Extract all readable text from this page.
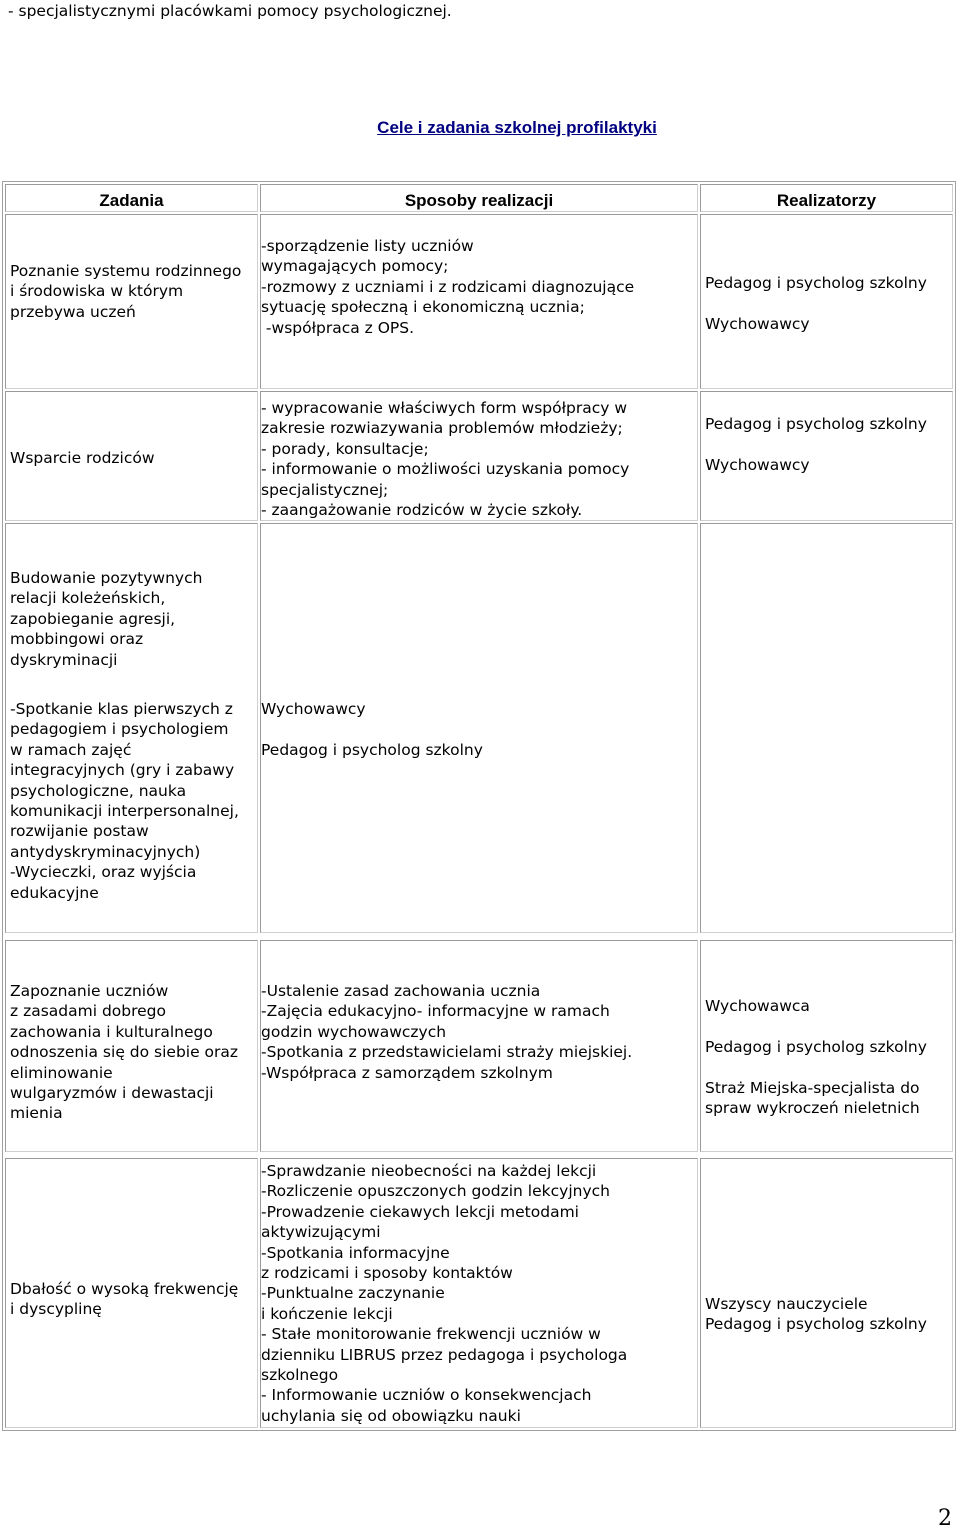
- specjalistycznymi placówkami pomocy psychologicznej.
Cele i zadania szkolnej profilaktyki
Zadania	Sposoby realizacji	Realizatorzy
Poznanie systemu rodzinnego
i środowiska w którym
przebywa uczeń
-sporządzenie listy uczniów
wymagających pomocy;
-rozmowy z uczniami i z rodzicami diagnozujące
sytuację społeczną i ekonomiczną ucznia;
-współpraca z OPS.
Pedagog i psycholog szkolny
Wychowawcy
Wsparcie rodziców
- wypracowanie właściwych form współpracy w
zakresie rozwiazywania problemów młodzieży;
- porady, konsultacje;
- informowanie o możliwości uzyskania pomocy
specjalistycznej;
- zaangażowanie rodziców w życie szkoły.
Pedagog i psycholog szkolny
Wychowawcy
Budowanie pozytywnych
relacji koleżeńskich,
zapobieganie agresji,
mobbingowi oraz
dyskryminacji
-Spotkanie klas pierwszych z
pedagogiem i psychologiem
w ramach zajęć
integracyjnych (gry i zabawy
psychologiczne, nauka
komunikacji interpersonalnej,
rozwijanie postaw
antydyskryminacyjnych)
-Wycieczki, oraz wyjścia
edukacyjne
Wychowawcy
Pedagog i psycholog szkolny
Zapoznanie uczniów
z zasadami dobrego
zachowania i kulturalnego
odnoszenia się do siebie oraz
eliminowanie
wulgaryzmów i dewastacji
mienia
-Ustalenie zasad zachowania ucznia
-Zajęcia edukacyjno- informacyjne w ramach
godzin wychowawczych
-Spotkania z przedstawicielami straży miejskiej.
-Współpraca z samorządem szkolnym
Wychowawca
Pedagog i psycholog szkolny
Straż Miejska-specjalista do
spraw wykroczeń nieletnich
Dbałość o wysoką frekwencję
i dyscyplinę
-Sprawdzanie nieobecności na każdej lekcji
-Rozliczenie opuszczonych godzin lekcyjnych
-Prowadzenie ciekawych lekcji metodami
aktywizującymi
-Spotkania informacyjne
z rodzicami i sposoby kontaktów
-Punktualne zaczynanie
i kończenie lekcji
- Stałe monitorowanie frekwencji uczniów w
dzienniku LIBRUS przez pedagoga i psychologa
szkolnego
- Informowanie uczniów o konsekwencjach
uchylania się od obowiązku nauki
Wszyscy nauczyciele
Pedagog i psycholog szkolny
2
